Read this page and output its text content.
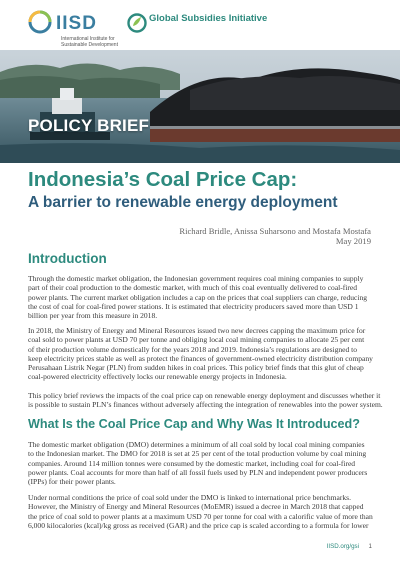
IISD
International Institute for Sustainable Development
Global Subsidies Initiative
POLICY BRIEF
Indonesia’s Coal Price Cap:
A barrier to renewable energy deployment
Richard Bridle, Anissa Suharsono and Mostafa Mostafa
May 2019
Introduction
Through the domestic market obligation, the Indonesian government requires coal mining companies to supply
part of their coal production to the domestic market, with much of this coal eventually delivered to coal-fired
power plants. The current market obligation includes a cap on the prices that coal suppliers can charge, reducing
the cost of coal for coal-fired power stations. It is estimated that electricity producers saved more than USD 1
billion per year from this measure in 2018.
In 2018, the Ministry of Energy and Mineral Resources issued two new decrees capping the maximum price for
coal sold to power plants at USD 70 per tonne and obliging local coal mining companies to allocate 25 per cent
of their production volume domestically for the years 2018 and 2019. Indonesia’s regulations are designed to
keep electricity prices stable as well as protect the finances of government-owned electricity distribution company
Perusahaan Listrik Negar (PLN) from sudden hikes in coal prices. This policy brief finds that this glut of cheap
coal-powered electricity effectively locks our renewable energy projects in Indonesia.
This policy brief reviews the impacts of the coal price cap on renewable energy deployment and discusses whether it
is possible to sustain PLN’s finances without adversely affecting the integration of renewables into the power system.
What Is the Coal Price Cap and Why Was It Introduced?
The domestic market obligation (DMO) determines a minimum of all coal sold by local coal mining companies
to the Indonesian market. The DMO for 2018 is set at 25 per cent of the total production volume by coal mining
companies. Around 114 million tonnes were consumed by the domestic market, including coal for coal-fired
power plants. Coal accounts for more than half of all fossil fuels used by PLN and independent power producers
(IPPs) for their power plants.
Under normal conditions the price of coal sold under the DMO is linked to international price benchmarks.
However, the Ministry of Energy and Mineral Resources (MoEMR) issued a decree in March 2018 that capped
the price of coal sold to power plants at a maximum USD 70 per tonne for coal with a calorific value of more than
6,000 kilocalories (kcal)/kg gross as received (GAR) and the price cap is scaled according to a formula for lower
IISD.org/gsi 1
